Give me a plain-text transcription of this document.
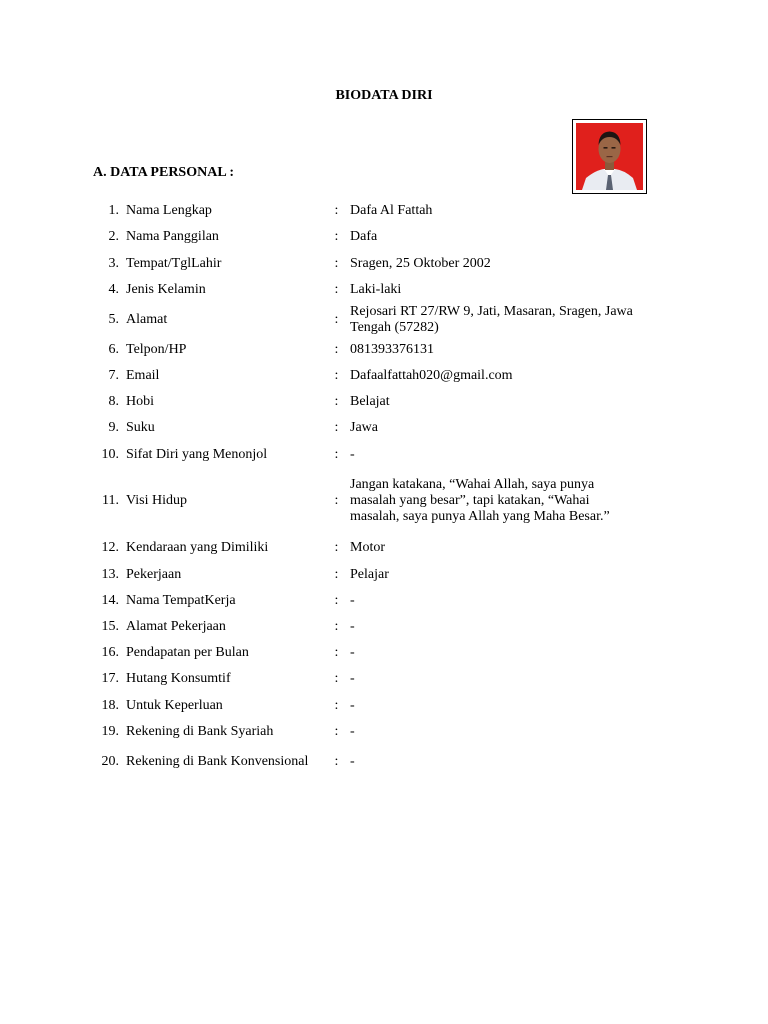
BIODATA DIRI
A. DATA PERSONAL :
1. Nama Lengkap	: Dafa Al Fattah
2. Nama Panggilan	: Dafa
3. Tempat/TglLahir	: Sragen, 25 Oktober 2002
4. Jenis Kelamin	: Laki-laki
5. Alamat	:
Rejosari RT 27/RW 9, Jati, Masaran, Sragen, Jawa Tengah (57282)
6. Telpon/HP	: 081393376131
7. Email	: Dafaalfattah020@gmail.com
8. Hobi	: Belajat
9. Suku	: Jawa
10. Sifat Diri yang Menonjol	: -
11. Visi Hidup	:
Jangan katakana, “Wahai Allah, saya punya masalah yang besar”, tapi katakan, “Wahai masalah, saya punya Allah yang Maha Besar.”
12. Kendaraan yang Dimiliki	: Motor
13. Pekerjaan	: Pelajar
14. Nama TempatKerja	: -
15. Alamat Pekerjaan	: -
16. Pendapatan per Bulan	: -
17. Hutang Konsumtif	: -
18. Untuk Keperluan	: -
19. Rekening di Bank Syariah	: -
20. Rekening di Bank Konvensional	: -
